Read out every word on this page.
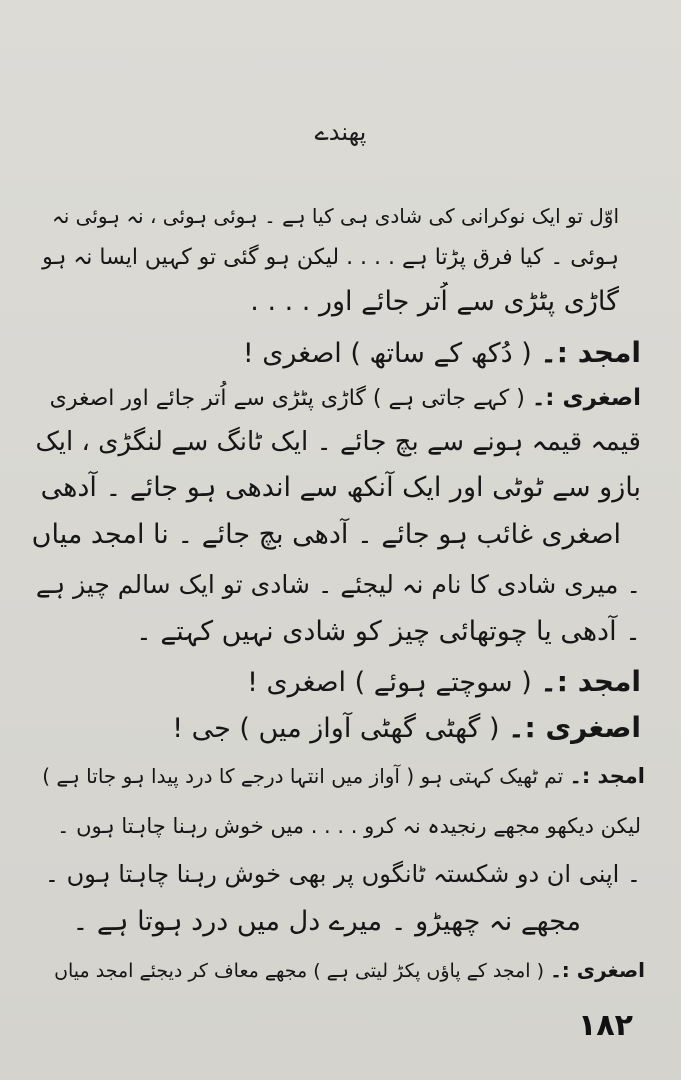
پھندے
اوّل تو ایک نوکرانی کی شادی ہی کیا ہے ۔ ہوئی ہوئی ، نہ ہوئی نہ
ہوئی ۔ کیا فرق پڑتا ہے . . . . لیکن ہو گئی تو کہیں ایسا نہ ہو
گاڑی پٹڑی سے اُتر جائے اور . . . .
امجد :۔ ( دُکھ کے ساتھ ) اصغری !
اصغری :۔ ( کہے جاتی ہے ) گاڑی پٹڑی سے اُتر جائے اور اصغری
قیمہ قیمہ ہونے سے بچ جائے ۔ ایک ٹانگ سے لنگڑی ، ایک
بازو سے ٹوٹی اور ایک آنکھ سے اندھی ہو جائے ۔ آدھی
اصغری غائب ہو جائے ۔ آدھی بچ جائے ۔ نا امجد میاں
۔ میری شادی کا نام نہ لیجئے ۔ شادی تو ایک سالم چیز ہے
۔ آدھی یا چوتھائی چیز کو شادی نہیں کہتے ۔
امجد :۔ ( سوچتے ہوئے ) اصغری !
اصغری :۔ ( گھٹی گھٹی آواز میں ) جی !
امجد :۔ تم ٹھیک کہتی ہو ( آواز میں انتہا درجے کا درد پیدا ہو جاتا ہے )
لیکن دیکھو مجھے رنجیدہ نہ کرو . . . . میں خوش رہنا چاہتا ہوں ۔
۔ اپنی ان دو شکستہ ٹانگوں پر بھی خوش رہنا چاہتا ہوں ۔
مجھے نہ چھیڑو ۔ میرے دل میں درد ہوتا ہے ۔
اصغری :۔ ( امجد کے پاؤں پکڑ لیتی ہے ) مجھے معاف کر دیجئے امجد میاں
۱۸۲
